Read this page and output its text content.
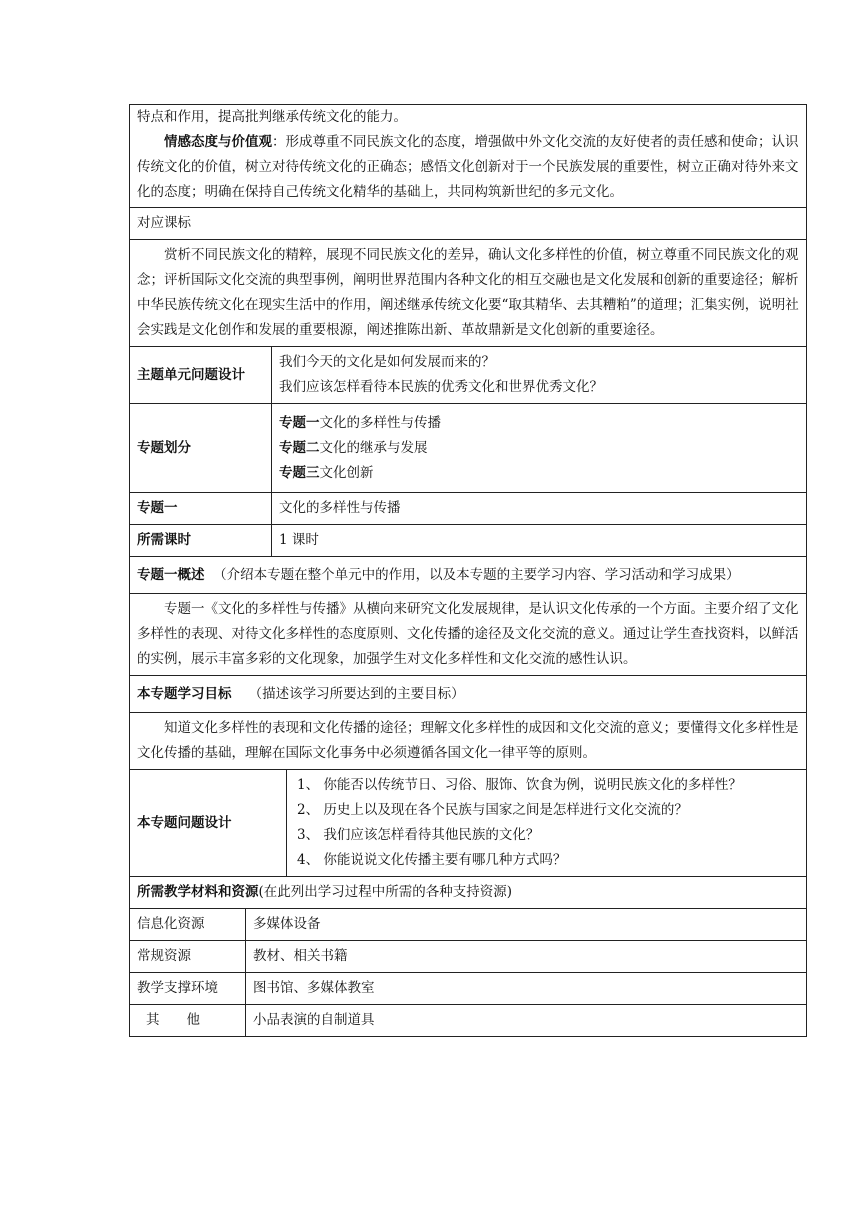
特点和作用，提高批判继承传统文化的能力。

情感态度与价值观：形成尊重不同民族文化的态度，增强做中外文化交流的友好使者的责任感和使命；认识传统文化的价值，树立对待传统文化的正确态；感悟文化创新对于一个民族发展的重要性，树立正确对待外来文化的态度；明确在保持自己传统文化精华的基础上，共同构筑新世纪的多元文化。			

对应课标			

赏析不同民族文化的精粹，展现不同民族文化的差异，确认文化多样性的价值，树立尊重不同民族文化的观念；评析国际文化交流的典型事例，阐明世界范围内各种文化的相互交融也是文化发展和创新的重要途径；解析中华民族传统文化在现实生活中的作用，阐述继承传统文化要“取其精华、去其糟粕”的道理；汇集实例，说明社会实践是文化创作和发展的重要根源，阐述推陈出新、革故鼎新是文化创新的重要途径。			

主题单元问题设计		我们今天的文化是如何发展而来的？

我们应该怎样看待本民族的优秀文化和世界优秀文化？	

专题划分		专题一文化的多样性与传播

专题二文化的继承与发展

专题三文化创新	

专题一		文化的多样性与传播	
所需课时		1 课时	
专题一概述 （介绍本专题在整个单元中的作用，以及本专题的主要学习内容、学习活动和学习成果）			

专题一《文化的多样性与传播》从横向来研究文化发展规律，是认识文化传承的一个方面。主要介绍了文化多样性的表现、对待文化多样性的态度原则、文化传播的途径及文化交流的意义。通过让学生查找资料，以鲜活的实例，展示丰富多彩的文化现象，加强学生对文化多样性和文化交流的感性认识。			

本专题学习目标 （描述该学习所要达到的主要目标）			

知道文化多样性的表现和文化传播的途径；理解文化多样性的成因和文化交流的意义；要懂得文化多样性是文化传播的基础，理解在国际文化事务中必须遵循各国文化一律平等的原则。			

本专题问题设计			1、 你能否以传统节日、习俗、服饰、饮食为例，说明民族文化的多样性？

2、 历史上以及现在各个民族与国家之间是怎样进行文化交流的？

3、 我们应该怎样看待其他民族的文化？

4、 你能说说文化传播主要有哪几种方式吗？

所需教学材料和资源(在此列出学习过程中所需的各种支持资源)			
信息化资源	多媒体设备		
常规资源	教材、相关书籍		
教学支撑环境	图书馆、多媒体教室		
其　　他	小品表演的自制道具		
